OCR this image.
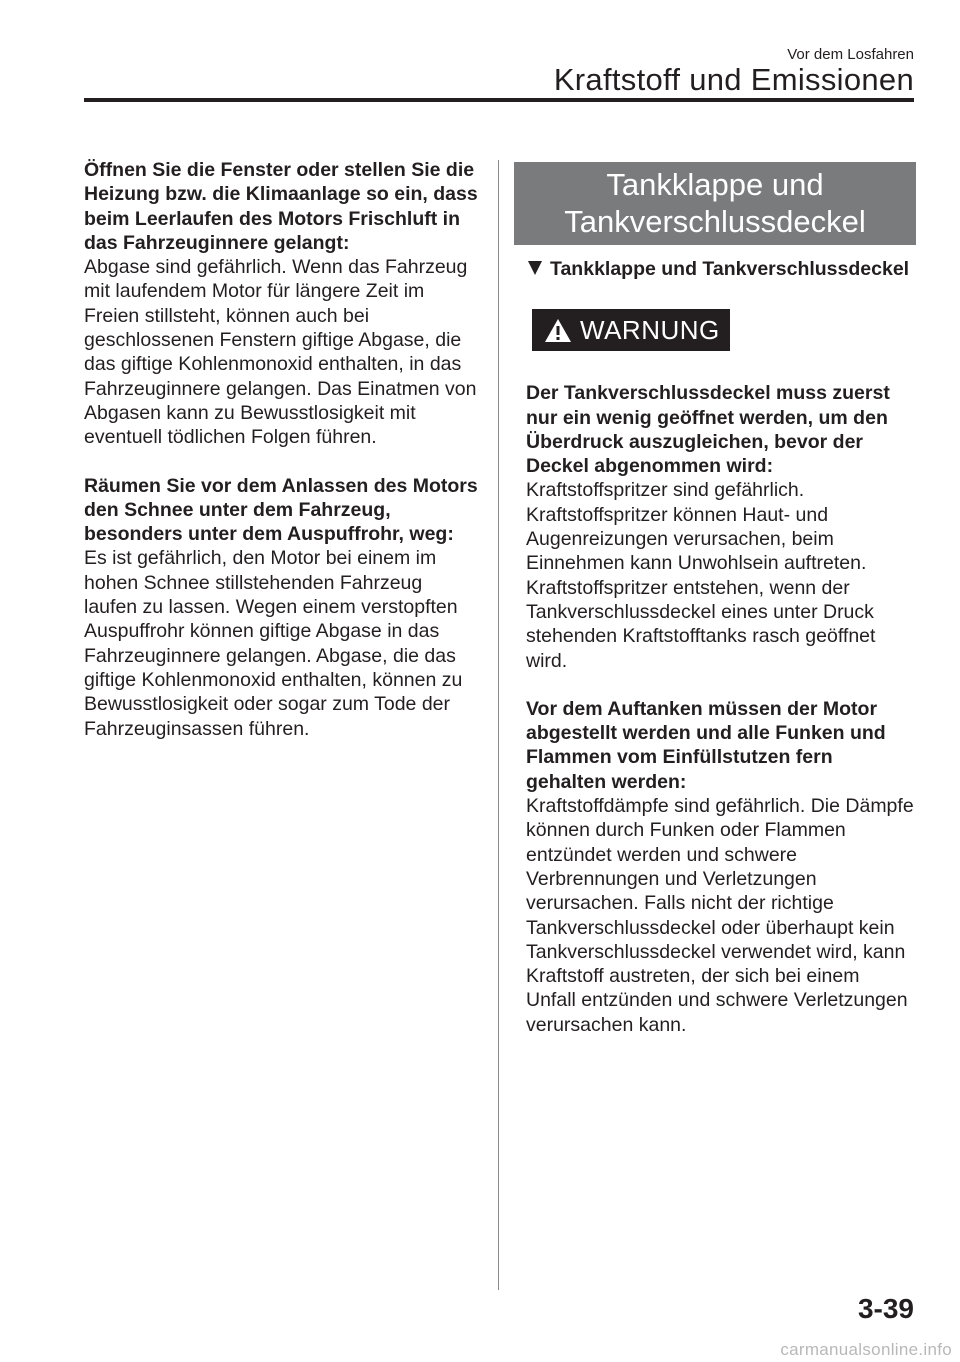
Vor dem Losfahren
Kraftstoff und Emissionen
Öffnen Sie die Fenster oder stellen Sie die Heizung bzw. die Klimaanlage so ein, dass beim Leerlaufen des Motors Frischluft in das Fahrzeuginnere gelangt:
Abgase sind gefährlich. Wenn das Fahrzeug mit laufendem Motor für längere Zeit im Freien stillsteht, können auch bei geschlossenen Fenstern giftige Abgase, die das giftige Kohlenmonoxid enthalten, in das Fahrzeuginnere gelangen. Das Einatmen von Abgasen kann zu Bewusstlosigkeit mit eventuell tödlichen Folgen führen.
Räumen Sie vor dem Anlassen des Motors den Schnee unter dem Fahrzeug, besonders unter dem Auspuffrohr, weg:
Es ist gefährlich, den Motor bei einem im hohen Schnee stillstehenden Fahrzeug laufen zu lassen. Wegen einem verstopften Auspuffrohr können giftige Abgase in das Fahrzeuginnere gelangen. Abgase, die das giftige Kohlenmonoxid enthalten, können zu Bewusstlosigkeit oder sogar zum Tode der Fahrzeuginsassen führen.
Tankklappe und
Tankverschlussdeckel
Tankklappe und Tankverschlussdeckel
WARNUNG
Der Tankverschlussdeckel muss zuerst nur ein wenig geöffnet werden, um den Überdruck auszugleichen, bevor der Deckel abgenommen wird:
Kraftstoffspritzer sind gefährlich. Kraftstoffspritzer können Haut- und Augenreizungen verursachen, beim Einnehmen kann Unwohlsein auftreten. Kraftstoffspritzer entstehen, wenn der Tankverschlussdeckel eines unter Druck stehenden Kraftstofftanks rasch geöffnet wird.
Vor dem Auftanken müssen der Motor abgestellt werden und alle Funken und Flammen vom Einfüllstutzen fern gehalten werden:
Kraftstoffdämpfe sind gefährlich. Die Dämpfe können durch Funken oder Flammen entzündet werden und schwere Verbrennungen und Verletzungen verursachen. Falls nicht der richtige Tankverschlussdeckel oder überhaupt kein Tankverschlussdeckel verwendet wird, kann Kraftstoff austreten, der sich bei einem Unfall entzünden und schwere Verletzungen verursachen kann.
3-39
carmanualsonline.info
